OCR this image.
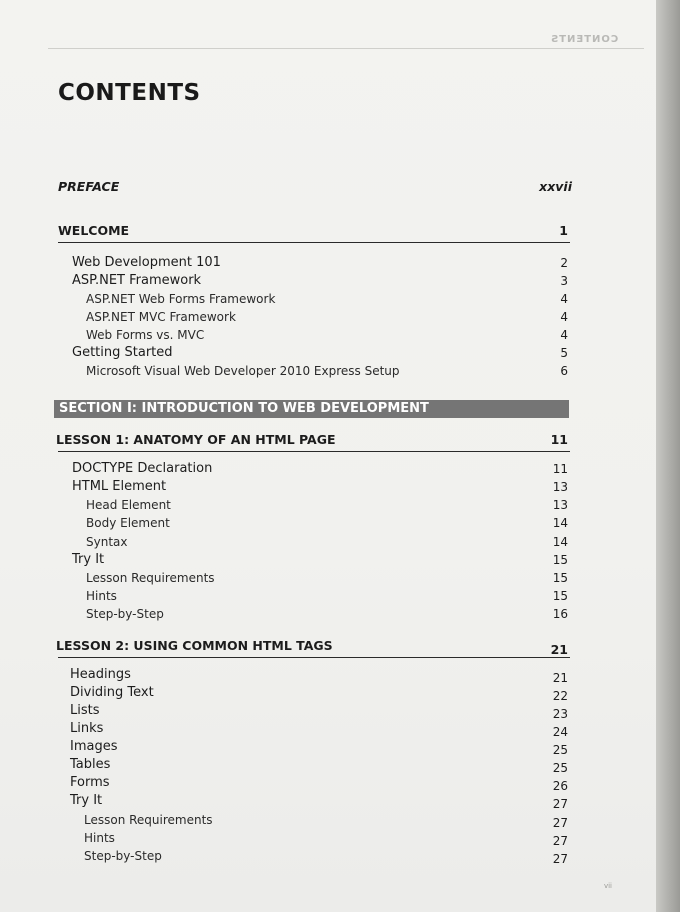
CONTENTS
CONTENTS
PREFACE	xxvii
WELCOME	1
Web Development 101	2
ASP.NET Framework	3
ASP.NET Web Forms Framework	4
ASP.NET MVC Framework	4
Web Forms vs. MVC	4
Getting Started	5
Microsoft Visual Web Developer 2010 Express Setup	6
SECTION I: INTRODUCTION TO WEB DEVELOPMENT
LESSON 1: ANATOMY OF AN HTML PAGE	11
DOCTYPE Declaration	11
HTML Element	13
Head Element	13
Body Element	14
Syntax	14
Try It	15
Lesson Requirements	15
Hints	15
Step-by-Step	16
LESSON 2: USING COMMON HTML TAGS	21
Headings	21
Dividing Text	22
Lists	23
Links	24
Images	25
Tables	25
Forms	26
Try It	27
Lesson Requirements	27
Hints	27
Step-by-Step	27
vii
